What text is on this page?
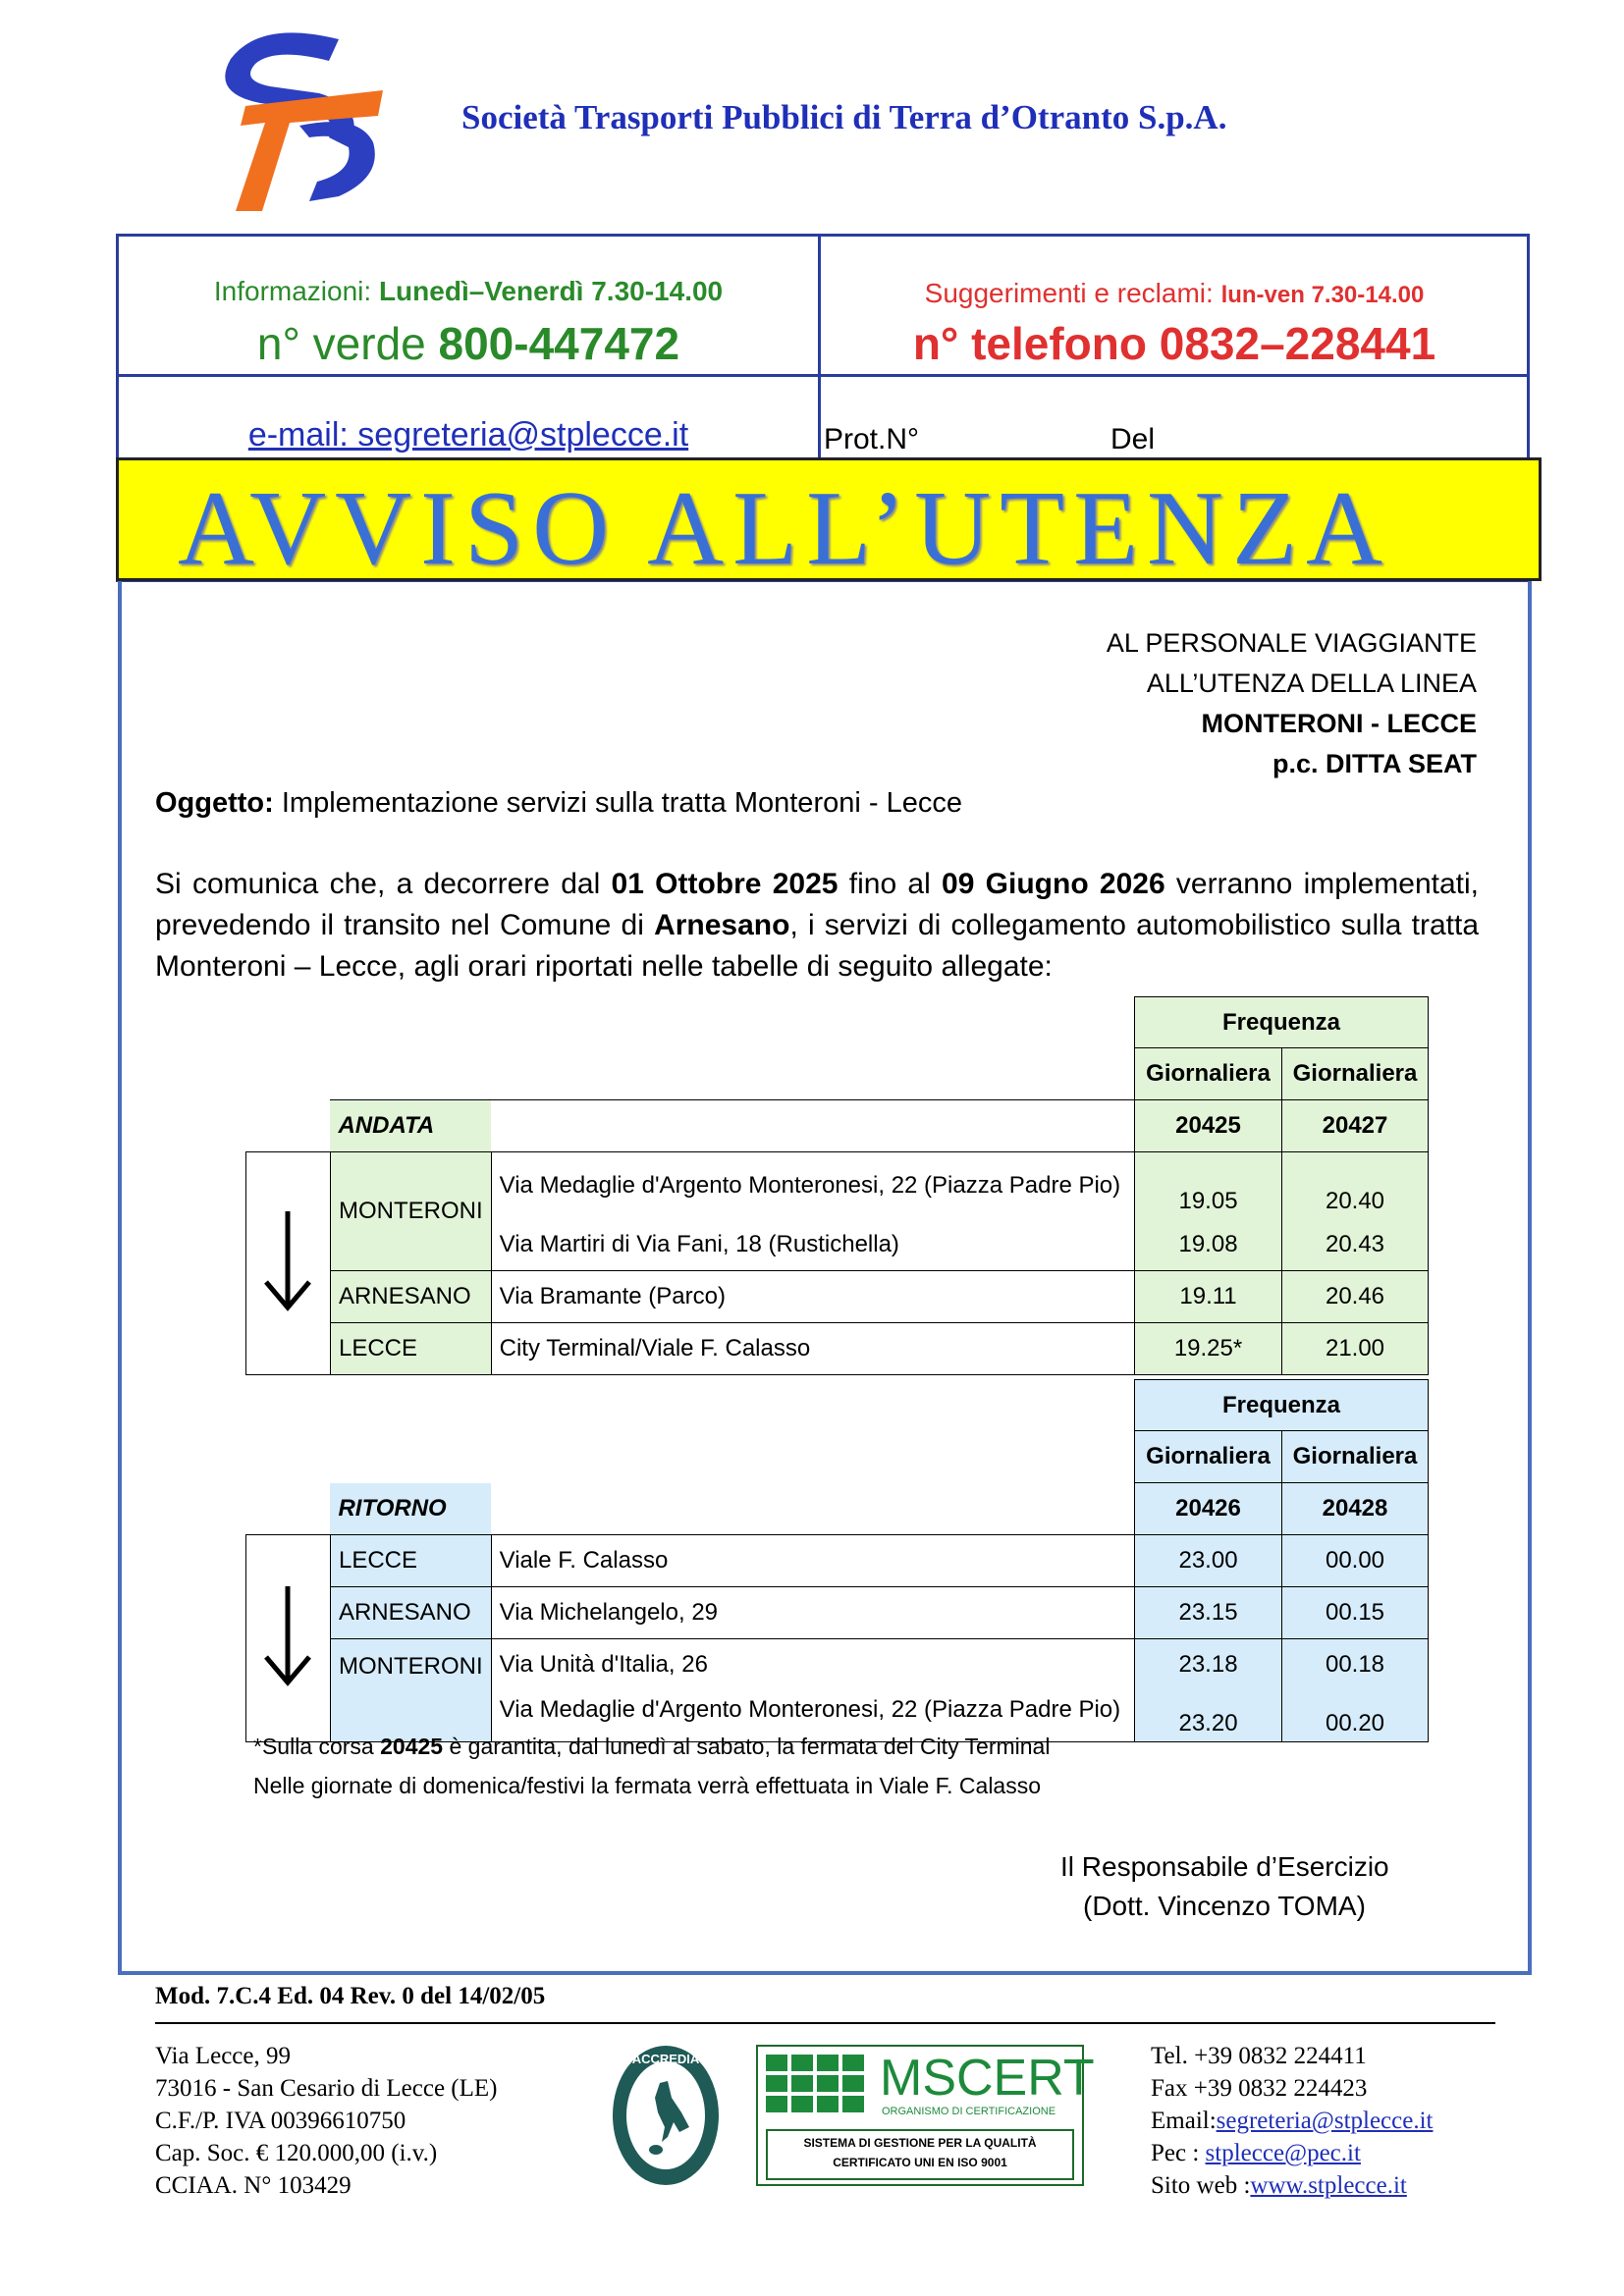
Società Trasporti Pubblici di Terra d’Otranto S.p.A.
Informazioni: Lunedì–Venerdì 7.30-14.00
n° verde 800-447472
Suggerimenti e reclami: lun-ven 7.30-14.00
n° telefono 0832–228441
e-mail: segreteria@stplecce.it	Prot.N°	Del
AVVISO ALL’UTENZA
AL PERSONALE VIAGGIANTE
ALL’UTENZA DELLA LINEA
MONTERONI - LECCE
p.c. DITTA SEAT
Oggetto: Implementazione servizi sulla tratta Monteroni - Lecce
Si comunica che, a decorrere dal 01 Ottobre 2025 fino al 09 Giugno 2026 verranno implementati, prevedendo il transito nel Comune di Arnesano, i servizi di collegamento automobilistico sulla tratta Monteroni – Lecce, agli orari riportati nelle tabelle di seguito allegate:
			Frequenza	
			Giornaliera	Giornaliera
	ANDATA		20425	20427
	MONTERONI	Via Medaglie d'Argento Monteronesi, 22 (Piazza Padre Pio)	19.05	20.40
		Via Martiri di Via Fani, 18 (Rustichella)	19.08	20.43
	ARNESANO	Via Bramante (Parco)	19.11	20.46
	LECCE	City Terminal/Viale F. Calasso	19.25*	21.00
			Frequenza	
			Giornaliera	Giornaliera
	RITORNO		20426	20428
	LECCE	Viale F. Calasso	23.00	00.00
	ARNESANO	Via Michelangelo, 29	23.15	00.15
	MONTERONI	Via Unità d'Italia, 26	23.18	00.18
		Via Medaglie d'Argento Monteronesi, 22 (Piazza Padre Pio)	23.20	00.20
*Sulla corsa 20425 è garantita, dal lunedì al sabato, la fermata del City Terminal
Nelle giornate di domenica/festivi la fermata verrà effettuata in Viale F. Calasso
Il Responsabile d’Esercizio
(Dott. Vincenzo TOMA)
Mod. 7.C.4 Ed. 04 Rev. 0 del 14/02/05
Via Lecce, 99
73016 - San Cesario di Lecce (LE)
C.F./P. IVA 00396610750
Cap. Soc. € 120.000,00 (i.v.)
CCIAA. N° 103429
ACCREDIA	MSCERT
ORGANISMO DI CERTIFICAZIONE
SISTEMA DI GESTIONE PER LA QUALITÀ
CERTIFICATO UNI EN ISO 9001
Tel. +39 0832 224411
Fax +39 0832 224423
Email:segreteria@stplecce.it
Pec : stplecce@pec.it
Sito web :www.stplecce.it
